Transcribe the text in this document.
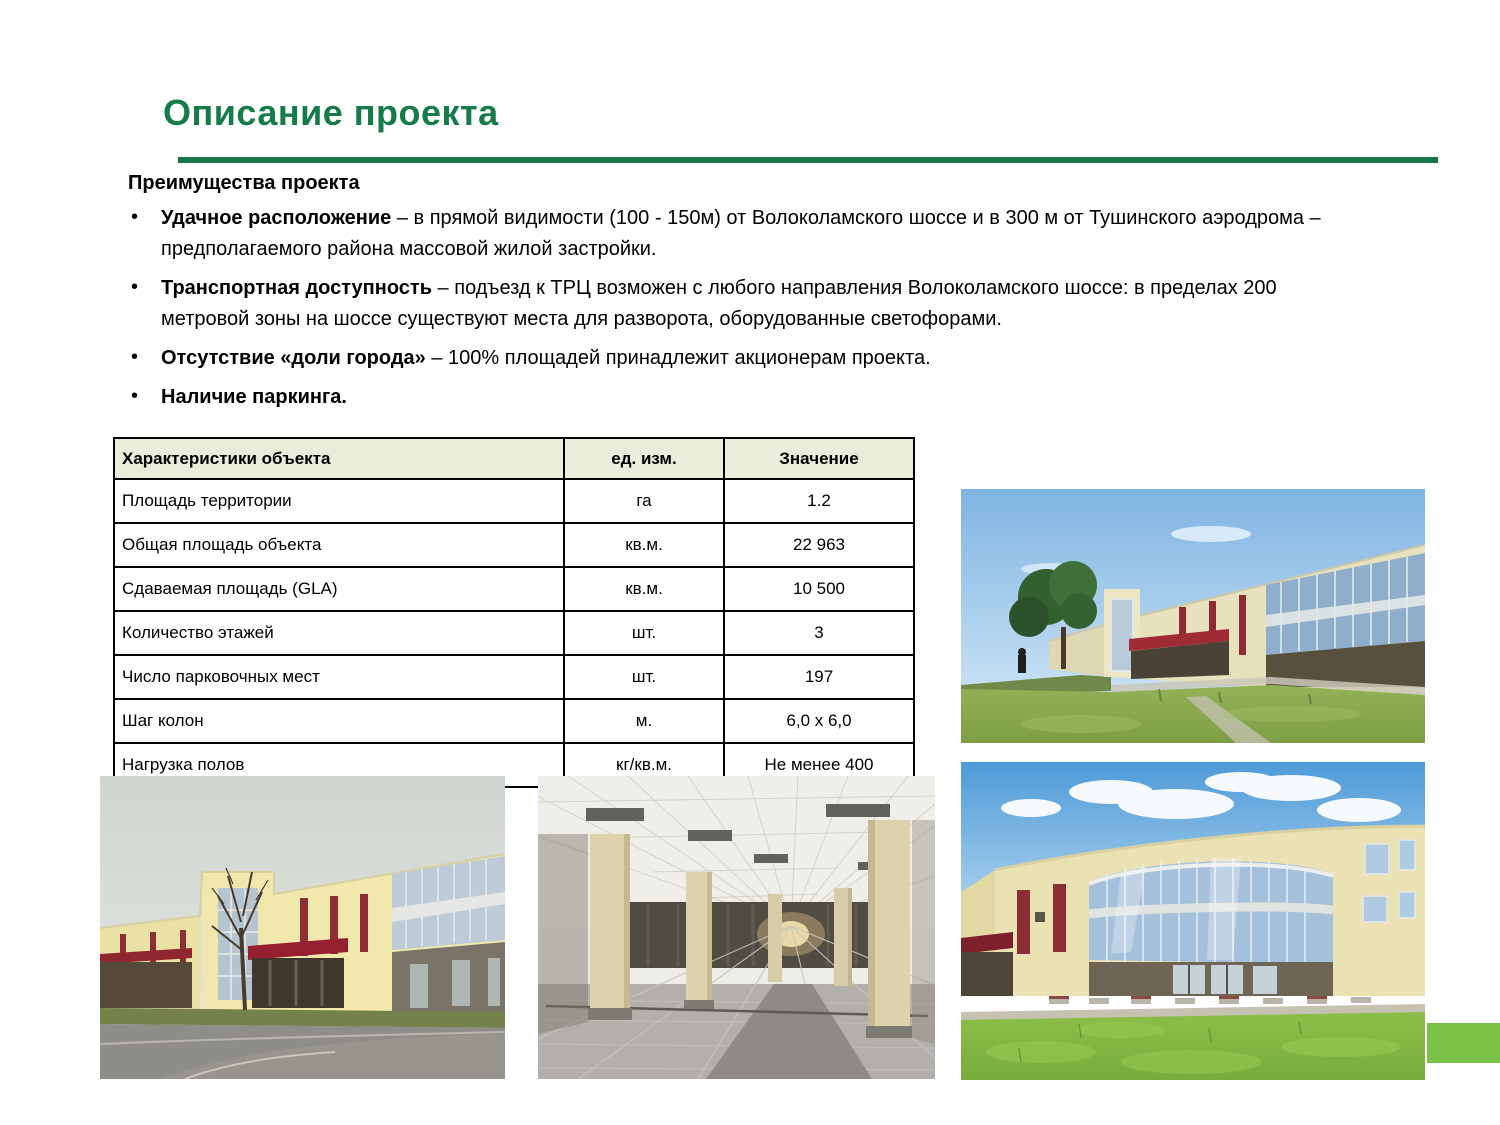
Описание проекта
Преимущества проекта
• Удачное расположение – в прямой видимости (100 - 150м) от Волоколамского шоссе и в 300 м от Тушинского аэродрома – предполагаемого района массовой жилой застройки.
• Транспортная доступность – подъезд к ТРЦ возможен с любого направления Волоколамского шоссе: в пределах 200 метровой зоны на шоссе существуют места для разворота, оборудованные светофорами.
• Отсутствие «доли города» – 100% площадей принадлежит акционерам проекта.
• Наличие паркинга.
Характеристики объекта	ед. изм.	Значение
Площадь территории	га	1.2
Общая площадь объекта	кв.м.	22 963
Сдаваемая площадь (GLA)	кв.м.	10 500
Количество этажей	шт.	3
Число парковочных мест	шт.	197
Шаг колон	м.	6,0 х 6,0
Нагрузка полов	кг/кв.м.	Не менее 400
